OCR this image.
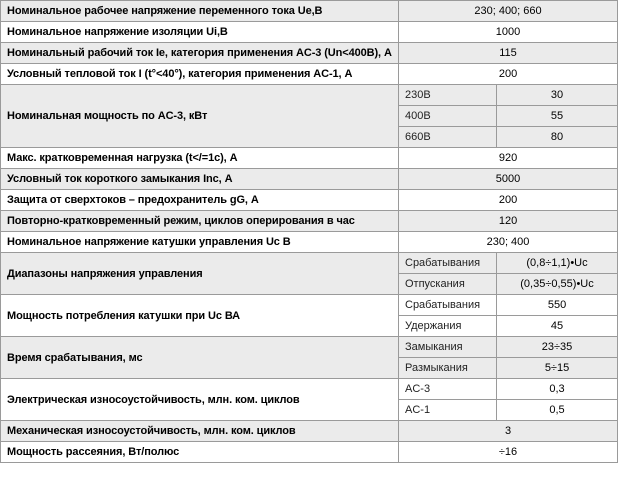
Номинальное рабочее напряжение переменного тока Ue,В	230; 400; 660	
Номинальное напряжение изоляции Ui,В	1000	
Номинальный рабочий ток Ie, категория применения AC-3 (Un<400В), А	115	
Условный тепловой ток I (t°<40°), категория применения AC-1, А	200	
Номинальная мощность по AC-3, кВт	230В	30
	400В	55
	660В	80
Макс. кратковременная нагрузка (t</=1c), А	920	
Условный ток короткого замыкания Inc, А	5000	
Защита от сверхтоков – предохранитель gG, А	200	
Повторно-кратковременный режим, циклов оперирования в час	120	
Номинальное напряжение катушки управления Uc В	230; 400	
Диапазоны напряжения управления	Срабатывания	(0,8÷1,1)•Uc
	Отпускания	(0,35÷0,55)•Uc
Мощность потребления катушки при Uc ВА	Срабатывания	550
	Удержания	45
Время срабатывания, мс	Замыкания	23÷35
	Размыкания	5÷15
Электрическая износоустойчивость, млн. ком. циклов	AC-3	0,3
	AC-1	0,5
Механическая износоустойчивость, млн. ком. циклов	3	
Мощность рассеяния, Вт/полюс	÷16	
